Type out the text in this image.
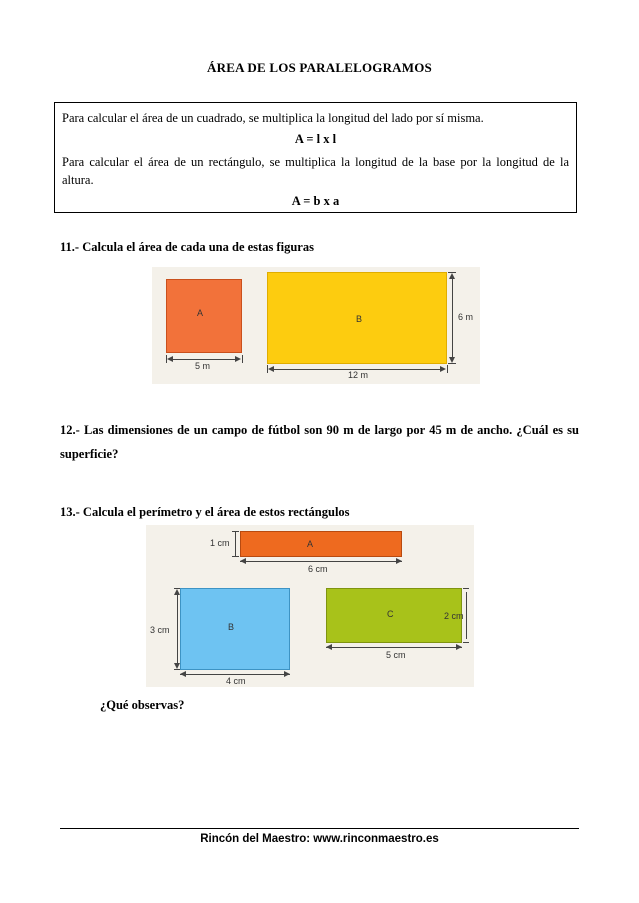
ÁREA DE LOS PARALELOGRAMOS

Para calcular el área de un cuadrado, se multiplica la longitud del lado por sí misma.

A = l x l

Para calcular el área de un rectángulo, se multiplica la longitud de la base por la longitud de la

altura.

A = b x a

11.- Calcula el área de cada una de estas figuras
A
5 m
B
12 m
6 m
12.- Las dimensiones de un campo de fútbol son 90 m de largo por 45 m de ancho. ¿Cuál es su
superficie?
13.- Calcula el perímetro y el área de estos rectángulos
A
1 cm
6 cm
B
3 cm
4 cm
C	2 cm
5 cm
¿Qué observas?
Rincón del Maestro: www.rinconmaestro.es
